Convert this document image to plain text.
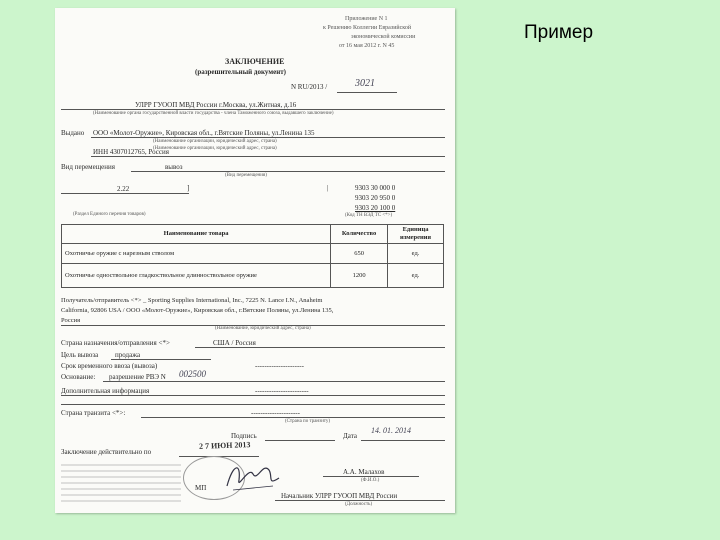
Пример
Приложение N 1
к Решению Коллегии Евразийской
экономической комиссии
от 16 мая 2012 г. N 45
ЗАКЛЮЧЕНИЕ
(разрешительный документ)
N RU/2013 /	3021
УЛРР ГУООП МВД России г.Москва, ул.Житная, д.16
(Наименование органа государственной власти государства - члена Таможенного союза, выдавшего заключение)
Выдано ООО «Молот-Оружие», Кировская обл., г.Вятские Поляны, ул.Ленина 135
(Наименование организации, юридический адрес, страна)
(Наименование организации, юридический адрес, страна)
ИНН 4307012765, Россия
Вид перемещения	вывоз
(Вид перемещения)
2.22	]	|	9303 30 000 0
9303 20 950 0
9303 20 100 0
(Раздел Единого перечня товаров)	(Код ТН ВЭД ТС <*>)
Наименование товара	Количество	Единица измерения
Охотничье оружие с нарезным стволом	650	ед.
Охотничье одноствольное гладкоствольное длинноствольное оружие	1200	ед.
Получатель/отправитель <*> _ Sporting Supplies International, Inc., 7225 N. Lance I.N., Anaheim
California, 92806 USA / ООО «Молот-Оружие», Кировская обл., г.Вятские Поляны, ул.Ленина 135,
Россия
(Наименование, юридический адрес, страна)
Страна назначения/отправления <*>	США / Россия
Цель вывоза продажа
Срок временного ввоза (вывоза)	---------------------
Основание: разрешение РВЭ N 002500
Дополнительная информация	-----------------------
Страна транзита <*>:	---------------------
(Страна по транзиту)
Подпись	Дата
14. 01. 2014
Заключение действительно по
2 7 ИЮН 2013
МП
А.А. Малахов
(Ф.И.О.)
Начальник УЛРР ГУООП МВД России
(Должность)
